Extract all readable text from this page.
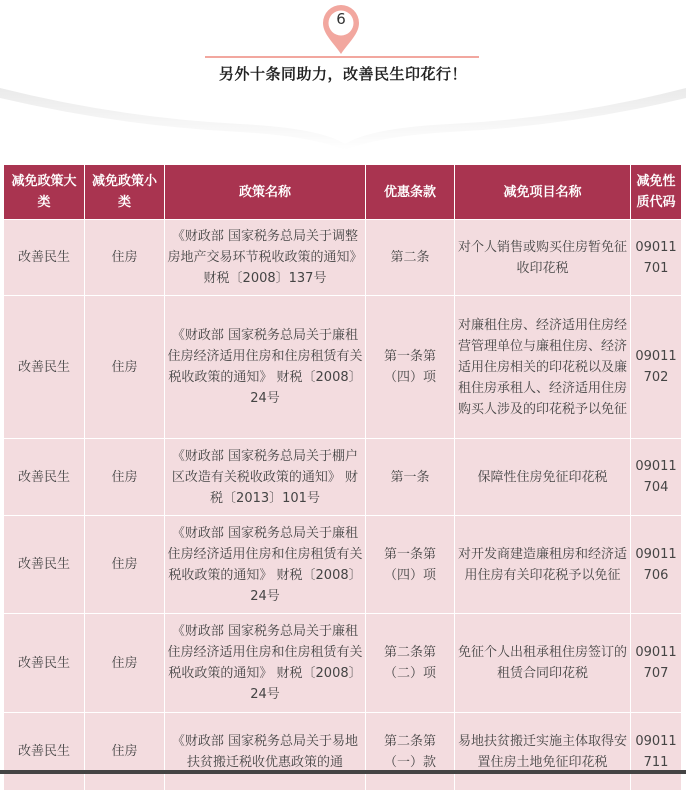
6
另外十条同助力，改善民生印花行！
减免政策大类	减免政策小类	政策名称	优惠条款	减免项目名称	减免性质代码
改善民生	住房	《财政部 国家税务总局关于调整房地产交易环节税收政策的通知》 财税〔2008〕137号	第二条	对个人销售或购买住房暂免征收印花税	09011701
改善民生	住房	《财政部 国家税务总局关于廉租住房经济适用住房和住房租赁有关税收政策的通知》 财税〔2008〕24号	第一条第（四）项	对廉租住房、经济适用住房经营管理单位与廉租住房、经济适用住房相关的印花税以及廉租住房承租人、经济适用住房购买人涉及的印花税予以免征	09011702
改善民生	住房	《财政部 国家税务总局关于棚户区改造有关税收政策的通知》 财税〔2013〕101号	第一条	保障性住房免征印花税	09011704
改善民生	住房	《财政部 国家税务总局关于廉租住房经济适用住房和住房租赁有关税收政策的通知》 财税〔2008〕24号	第一条第（四）项	对开发商建造廉租房和经济适用住房有关印花税予以免征	09011706
改善民生	住房	《财政部 国家税务总局关于廉租住房经济适用住房和住房租赁有关税收政策的通知》 财税〔2008〕24号	第二条第（二）项	免征个人出租承租住房签订的租赁合同印花税	09011707
改善民生	住房	《财政部 国家税务总局关于易地扶贫搬迁税收优惠政策的通	第二条第（一）款	易地扶贫搬迁实施主体取得安置住房土地免征印花税	09011711
